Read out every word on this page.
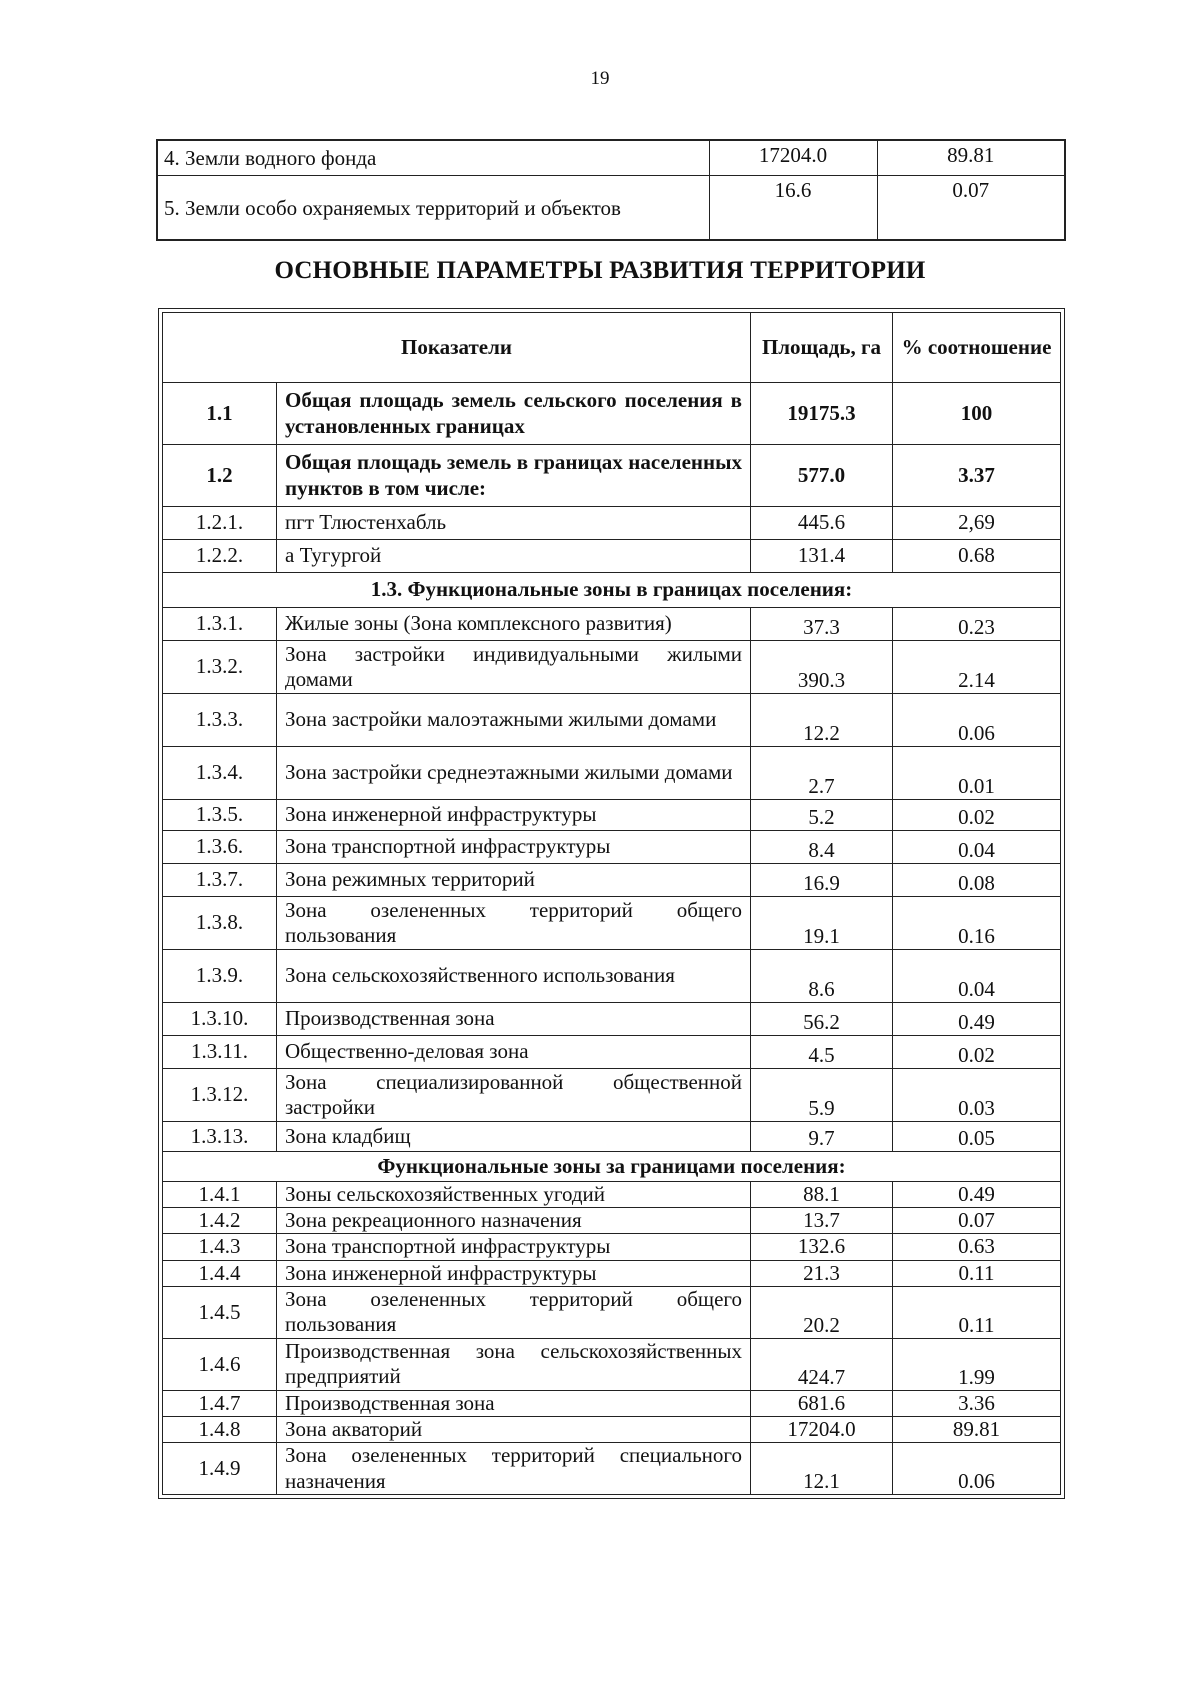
19
4. Земли водного фонда	17204.0	89.81
5. Земли особо охраняемых территорий и объектов	16.6	0.07
ОСНОВНЫЕ ПАРАМЕТРЫ РАЗВИТИЯ ТЕРРИТОРИИ
Показатели		Площадь, га	% соотношение
1.1	Общая площадь земель сельского поселения в установленных границах	19175.3	100
1.2	Общая площадь земель в границах населенных пунктов в том числе:	577.0	3.37
1.2.1.	пгт Тлюстенхабль	445.6	2,69
1.2.2.	а Тугургой	131.4	0.68
1.3. Функциональные зоны в границах поселения:			
1.3.1.	Жилые зоны (Зона комплексного развития)	37.3	0.23
1.3.2.	Зона застройки индивидуальными жилыми домами	390.3	2.14
1.3.3.	Зона застройки малоэтажными жилыми домами	12.2	0.06
1.3.4.	Зона застройки среднеэтажными жилыми домами	2.7	0.01
1.3.5.	Зона инженерной инфраструктуры	5.2	0.02
1.3.6.	Зона транспортной инфраструктуры	8.4	0.04
1.3.7.	Зона режимных территорий	16.9	0.08
1.3.8.	Зона озелененных территорий общего пользования	19.1	0.16
1.3.9.	Зона сельскохозяйственного использования	8.6	0.04
1.3.10.	Производственная зона	56.2	0.49
1.3.11.	Общественно-деловая зона	4.5	0.02
1.3.12.	Зона специализированной общественной застройки	5.9	0.03
1.3.13.	Зона кладбищ	9.7	0.05
Функциональные зоны за границами поселения:			
1.4.1	Зоны сельскохозяйственных угодий	88.1	0.49
1.4.2	Зона рекреационного назначения	13.7	0.07
1.4.3	Зона транспортной инфраструктуры	132.6	0.63
1.4.4	Зона инженерной инфраструктуры	21.3	0.11
1.4.5	Зона озелененных территорий общего пользования	20.2	0.11
1.4.6	Производственная зона сельскохозяйственных предприятий	424.7	1.99
1.4.7	Производственная зона	681.6	3.36
1.4.8	Зона акваторий	17204.0	89.81
1.4.9	Зона озелененных территорий специального назначения	12.1	0.06
